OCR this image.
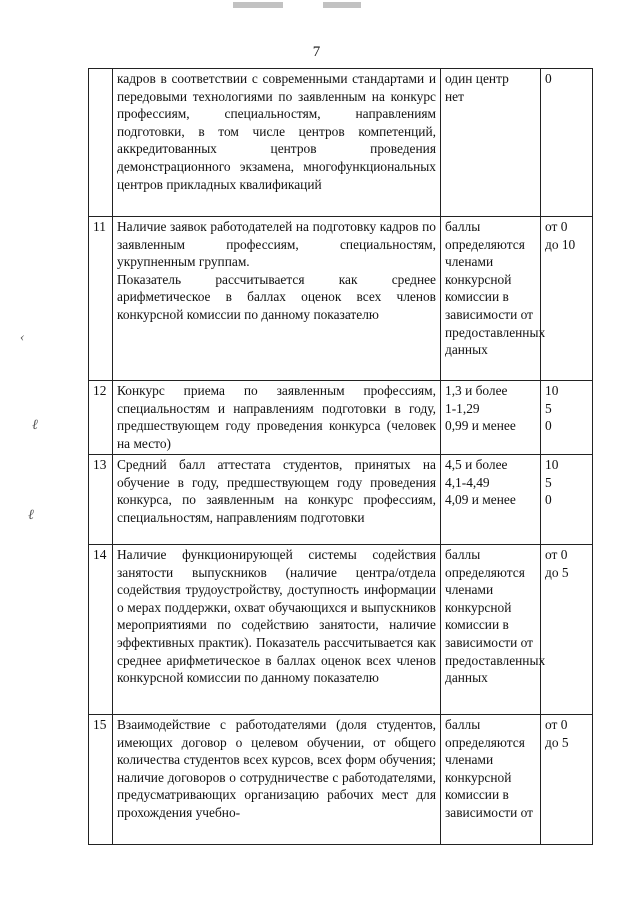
7
‹
ℓ
ℓ
	кадров в соответствии с современными стандартами и передовыми технологиями по заявленным на конкурс профессиям, специальностям, направлениям подготовки, в том числе центров компетенций, аккредитованных центров проведения демонстрационного экзамена, многофункциональных центров прикладных квалификаций	один центр
нет	0

11	Наличие заявок работодателей на подготовку кадров по заявленным профессиям, специальностям, укрупненным группам.
Показатель рассчитывается как среднее арифметическое в баллах оценок всех членов конкурсной комиссии по данному показателю	баллы определяются членами конкурсной комиссии в зависимости от предоставленных данных	от 0
до 10

12	Конкурс приема по заявленным профессиям, специальностям и направлениям подготовки в году, предшествующем году проведения конкурса (человек на место)	1,3 и более
1-1,29
0,99 и менее	10
5
0

13	Средний балл аттестата студентов, принятых на обучение в году, предшествующем году проведения конкурса, по заявленным на конкурс профессиям, специальностям, направлениям подготовки	4,5 и более
4,1-4,49
4,09 и менее	10
5
0

14	Наличие функционирующей системы содействия занятости выпускников (наличие центра/отдела содействия трудоустройству, доступность информации о мерах поддержки, охват обучающихся и выпускников мероприятиями по содействию занятости, наличие эффективных практик). Показатель рассчитывается как среднее арифметическое в баллах оценок всех членов конкурсной комиссии по данному показателю	баллы определяются членами конкурсной комиссии в зависимости от предоставленных данных	от 0
до 5

15	Взаимодействие с работодателями (доля студентов, имеющих договор о целевом обучении, от общего количества студентов всех курсов, всех форм обучения; наличие договоров о сотрудничестве с работодателями, предусматривающих организацию рабочих мест для прохождения учебно-	баллы определяются членами конкурсной комиссии в зависимости от	от 0
до 5
